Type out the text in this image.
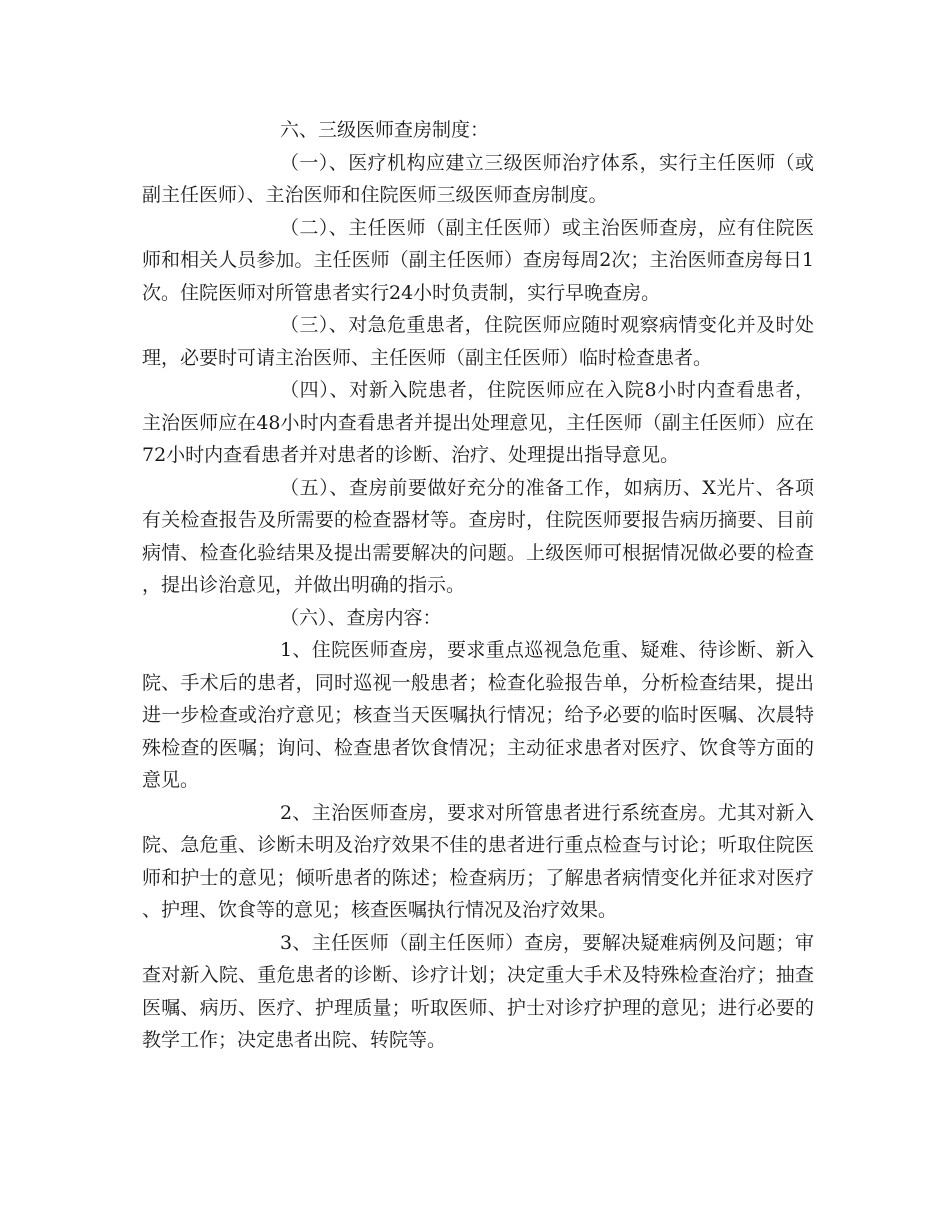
六、三级医师查房制度：

（一）、医疗机构应建立三级医师治疗体系，实行主任医师（或副主任医师）、主治医师和住院医师三级医师查房制度。

（二）、主任医师（副主任医师）或主治医师查房，应有住院医师和相关人员参加。主任医师（副主任医师）查房每周2次；主治医师查房每日1次。住院医师对所管患者实行24小时负责制，实行早晚查房。

（三）、对急危重患者，住院医师应随时观察病情变化并及时处理，必要时可请主治医师、主任医师（副主任医师）临时检查患者。

（四）、对新入院患者，住院医师应在入院8小时内查看患者，主治医师应在48小时内查看患者并提出处理意见，主任医师（副主任医师）应在72小时内查看患者并对患者的诊断、治疗、处理提出指导意见。

（五）、查房前要做好充分的准备工作，如病历、X光片、各项有关检查报告及所需要的检查器材等。查房时，住院医师要报告病历摘要、目前病情、检查化验结果及提出需要解决的问题。上级医师可根据情况做必要的检查，提出诊治意见，并做出明确的指示。

（六）、查房内容：

1、住院医师查房，要求重点巡视急危重、疑难、待诊断、新入院、手术后的患者，同时巡视一般患者；检查化验报告单，分析检查结果，提出进一步检查或治疗意见；核查当天医嘱执行情况；给予必要的临时医嘱、次晨特殊检查的医嘱；询问、检查患者饮食情况；主动征求患者对医疗、饮食等方面的意见。

2、主治医师查房，要求对所管患者进行系统查房。尤其对新入院、急危重、诊断未明及治疗效果不佳的患者进行重点检查与讨论；听取住院医师和护士的意见；倾听患者的陈述；检查病历；了解患者病情变化并征求对医疗、护理、饮食等的意见；核查医嘱执行情况及治疗效果。

3、主任医师（副主任医师）查房，要解决疑难病例及问题；审查对新入院、重危患者的诊断、诊疗计划；决定重大手术及特殊检查治疗；抽查医嘱、病历、医疗、护理质量；听取医师、护士对诊疗护理的意见；进行必要的教学工作；决定患者出院、转院等。
